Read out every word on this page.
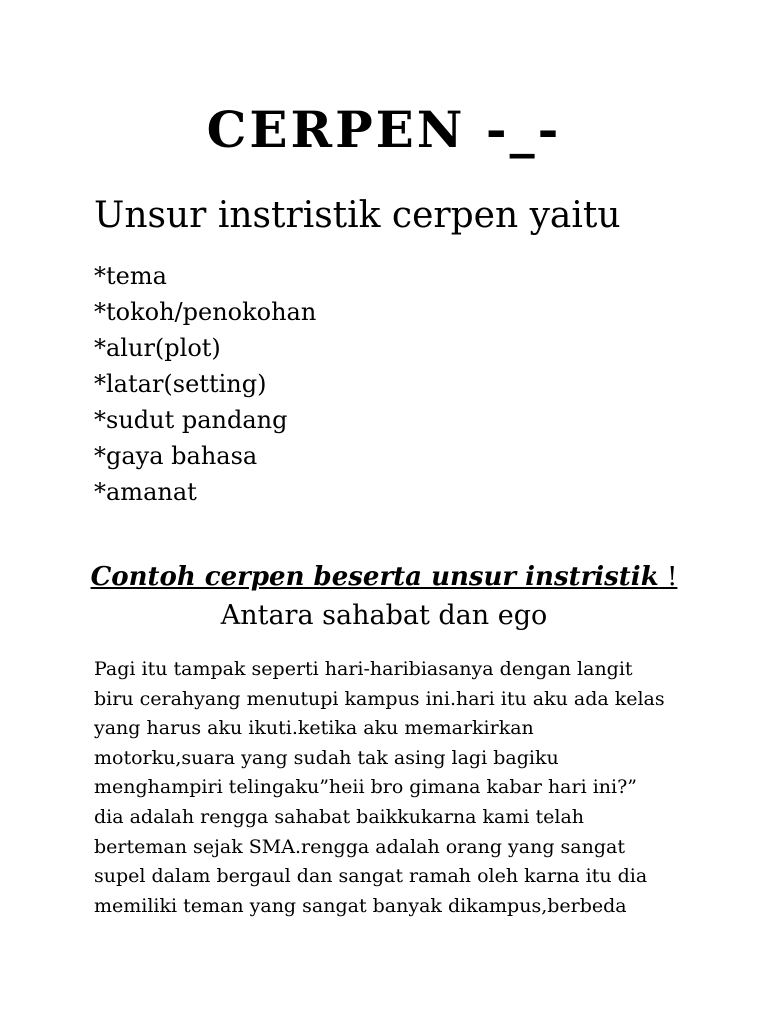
CERPEN -_-
Unsur instristik cerpen yaitu
*tema
*tokoh/penokohan
*alur(plot)
*latar(setting)
*sudut pandang
*gaya bahasa
*amanat
Contoh cerpen beserta unsur instristik !
Antara sahabat dan ego
Pagi itu tampak seperti hari-haribiasanya dengan langit
biru cerahyang menutupi kampus ini.hari itu aku ada kelas
yang harus aku ikuti.ketika aku memarkirkan
motorku,suara yang sudah tak asing lagi bagiku
menghampiri telingaku”heii bro gimana kabar hari ini?”
dia adalah rengga sahabat baikkukarna kami telah
berteman sejak SMA.rengga adalah orang yang sangat
supel dalam bergaul dan sangat ramah oleh karna itu dia
memiliki teman yang sangat banyak dikampus,berbeda
